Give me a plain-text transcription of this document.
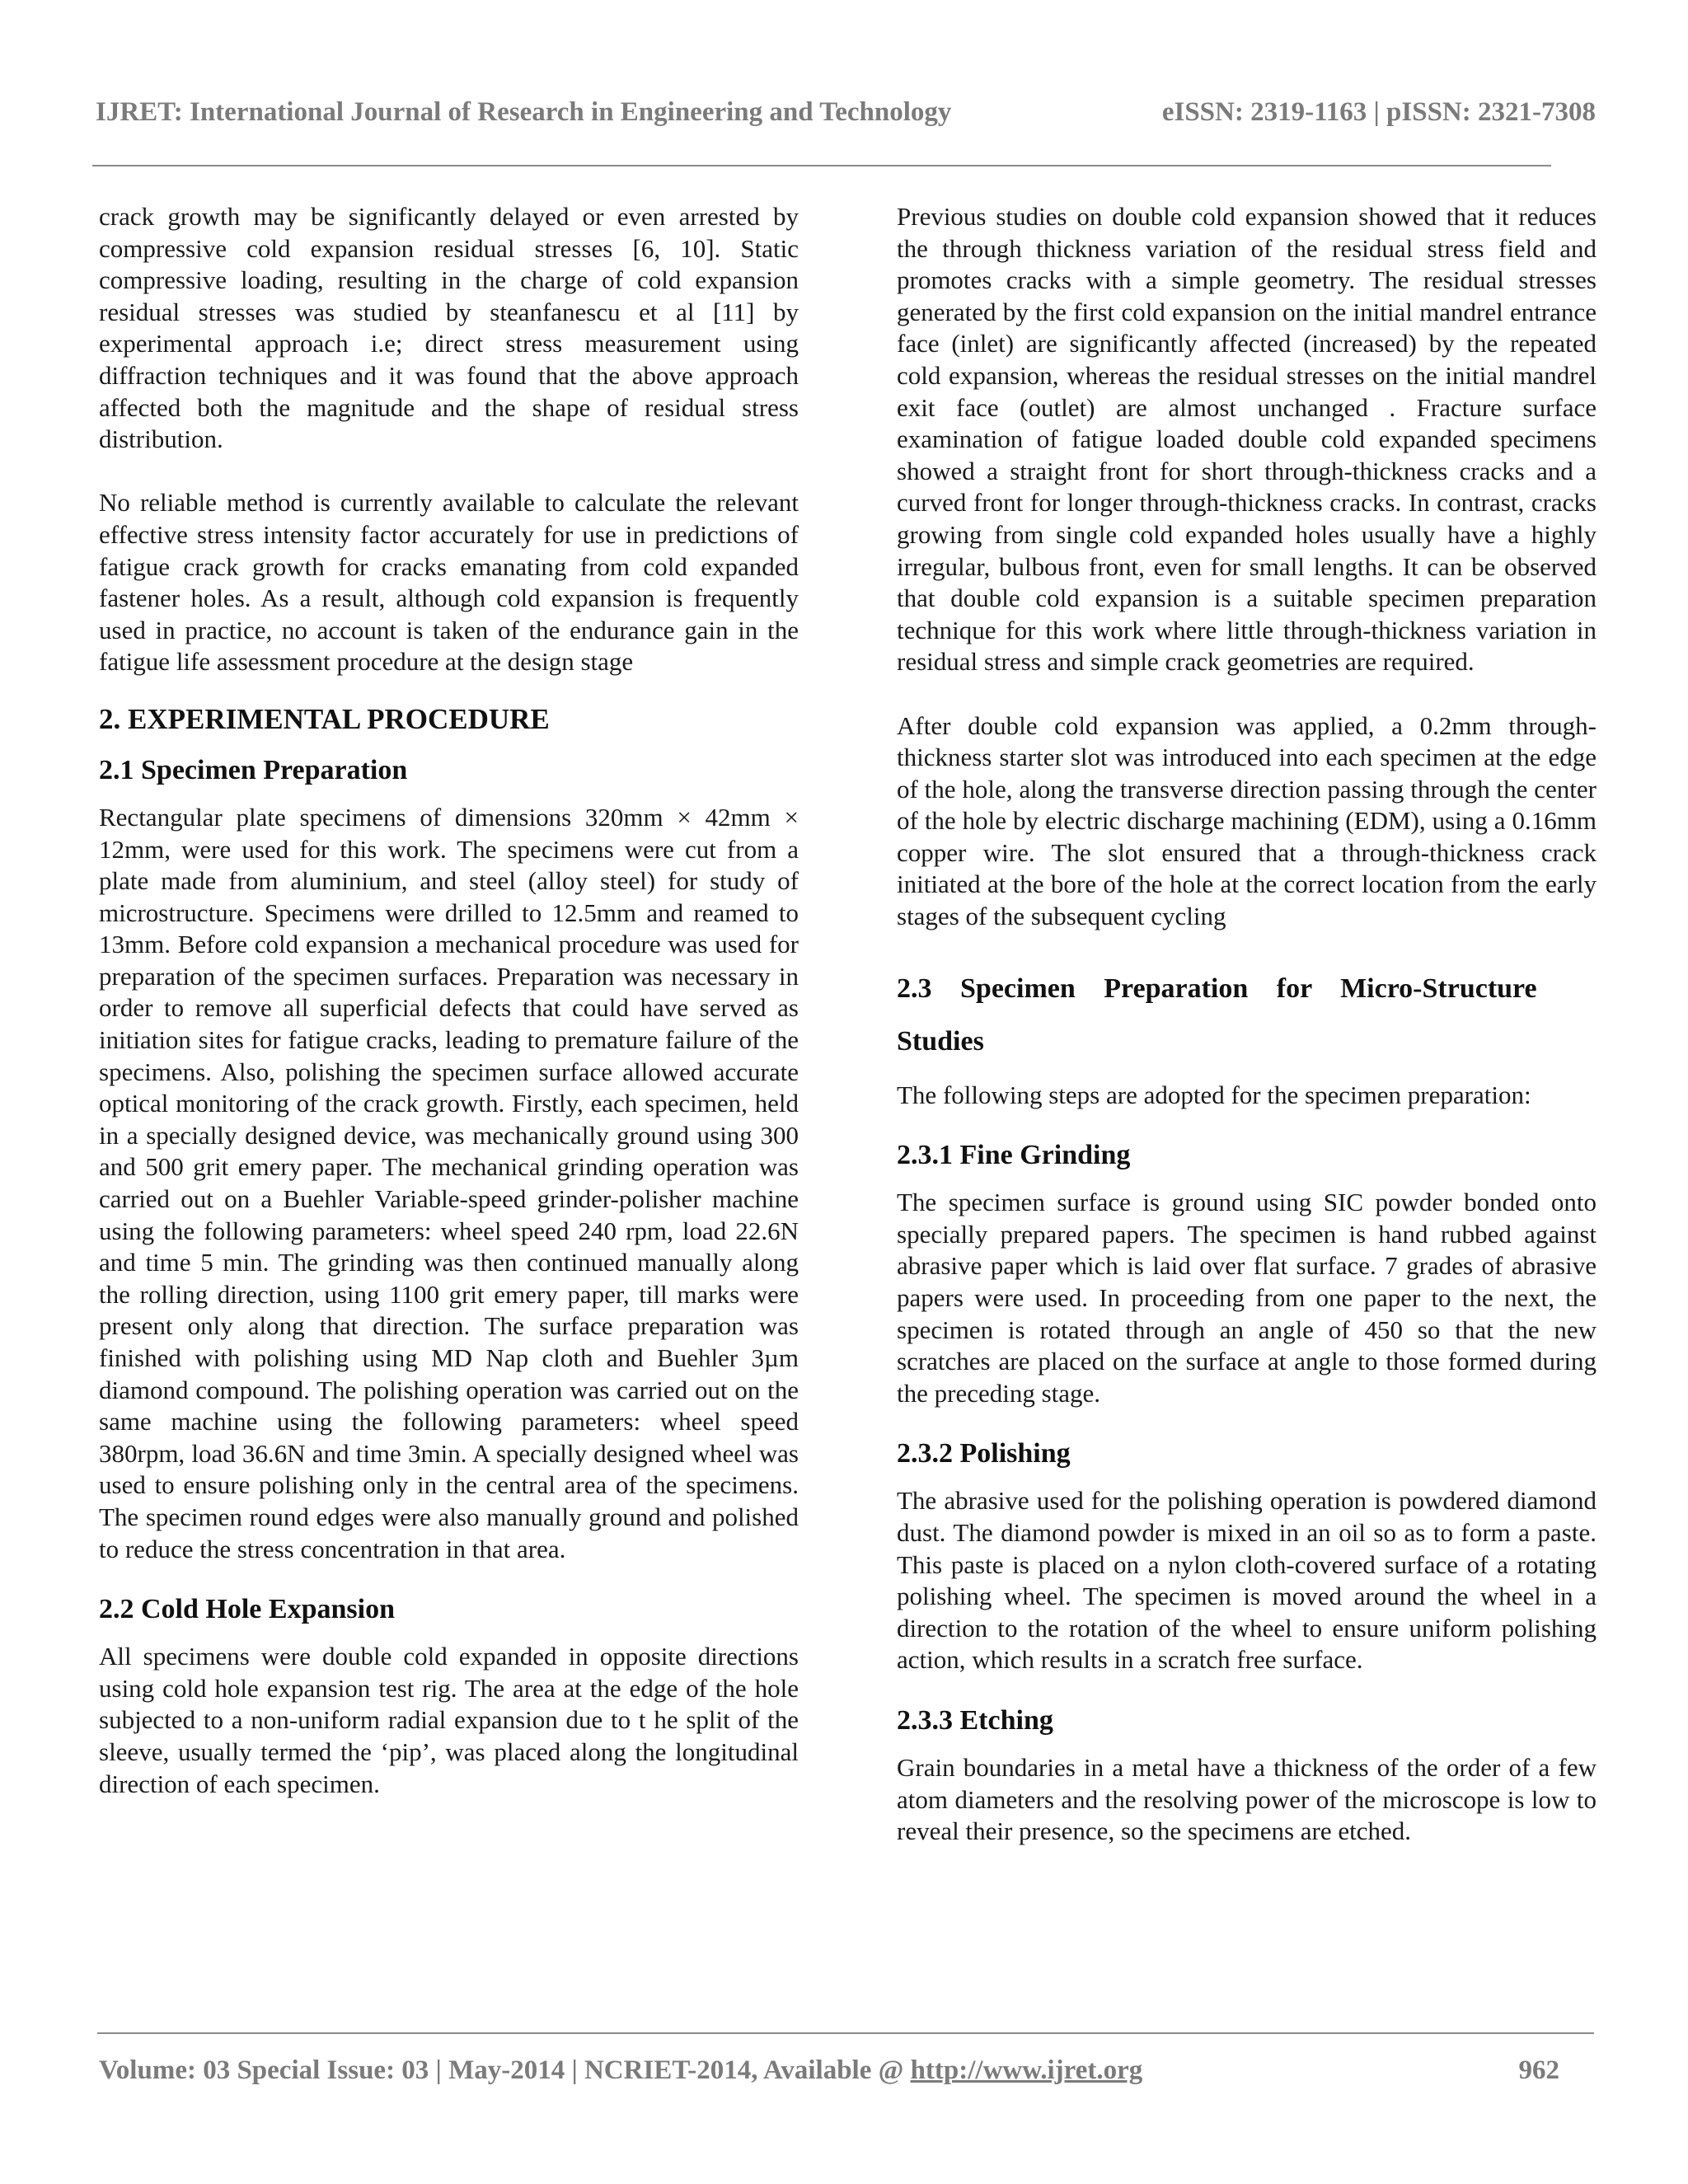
IJRET: International Journal of Research in Engineering and Technology	eISSN: 2319-1163 | pISSN: 2321-7308

crack growth may be significantly delayed or even arrested by compressive cold expansion residual stresses [6, 10]. Static compressive loading, resulting in the charge of cold expansion residual stresses was studied by steanfanescu et al [11] by experimental approach i.e; direct stress measurement using diffraction techniques and it was found that the above approach affected both the magnitude and the shape of residual stress distribution.

No reliable method is currently available to calculate the relevant effective stress intensity factor accurately for use in predictions of fatigue crack growth for cracks emanating from cold expanded fastener holes. As a result, although cold expansion is frequently used in practice, no account is taken of the endurance gain in the fatigue life assessment procedure at the design stage

2. EXPERIMENTAL PROCEDURE
2.1 Specimen Preparation

Rectangular plate specimens of dimensions 320mm × 42mm × 12mm, were used for this work. The specimens were cut from a plate made from aluminium, and steel (alloy steel) for study of microstructure. Specimens were drilled to 12.5mm and reamed to 13mm. Before cold expansion a mechanical procedure was used for preparation of the specimen surfaces. Preparation was necessary in order to remove all superficial defects that could have served as initiation sites for fatigue cracks, leading to premature failure of the specimens. Also, polishing the specimen surface allowed accurate optical monitoring of the crack growth. Firstly, each specimen, held in a specially designed device, was mechanically ground using 300 and 500 grit emery paper. The mechanical grinding operation was carried out on a Buehler Variable-speed grinder-polisher machine using the following parameters: wheel speed 240 rpm, load 22.6N and time 5 min. The grinding was then continued manually along the rolling direction, using 1100 grit emery paper, till marks were present only along that direction. The surface preparation was finished with polishing using MD Nap cloth and Buehler 3µm diamond compound. The polishing operation was carried out on the same machine using the following parameters: wheel speed 380rpm, load 36.6N and time 3min. A specially designed wheel was used to ensure polishing only in the central area of the specimens. The specimen round edges were also manually ground and polished to reduce the stress concentration in that area.

2.2 Cold Hole Expansion

All specimens were double cold expanded in opposite directions using cold hole expansion test rig. The area at the edge of the hole subjected to a non-uniform radial expansion due to t he split of the sleeve, usually termed the ‘pip’, was placed along the longitudinal direction of each specimen.

Previous studies on double cold expansion showed that it reduces the through thickness variation of the residual stress field and promotes cracks with a simple geometry. The residual stresses generated by the first cold expansion on the initial mandrel entrance face (inlet) are significantly affected (increased) by the repeated cold expansion, whereas the residual stresses on the initial mandrel exit face (outlet) are almost unchanged . Fracture surface examination of fatigue loaded double cold expanded specimens showed a straight front for short through-thickness cracks and a curved front for longer through-thickness cracks. In contrast, cracks growing from single cold expanded holes usually have a highly irregular, bulbous front, even for small lengths. It can be observed that double cold expansion is a suitable specimen preparation technique for this work where little through-thickness variation in residual stress and simple crack geometries are required.

After double cold expansion was applied, a 0.2mm through-thickness starter slot was introduced into each specimen at the edge of the hole, along the transverse direction passing through the center of the hole by electric discharge machining (EDM), using a 0.16mm copper wire. The slot ensured that a through-thickness crack initiated at the bore of the hole at the correct location from the early stages of the subsequent cycling

2.3 Specimen Preparation for Micro-Structure
Studies

The following steps are adopted for the specimen preparation:

2.3.1 Fine Grinding

The specimen surface is ground using SIC powder bonded onto specially prepared papers. The specimen is hand rubbed against abrasive paper which is laid over flat surface. 7 grades of abrasive papers were used. In proceeding from one paper to the next, the specimen is rotated through an angle of 450 so that the new scratches are placed on the surface at angle to those formed during the preceding stage.

2.3.2 Polishing

The abrasive used for the polishing operation is powdered diamond dust. The diamond powder is mixed in an oil so as to form a paste. This paste is placed on a nylon cloth-covered surface of a rotating polishing wheel. The specimen is moved around the wheel in a direction to the rotation of the wheel to ensure uniform polishing action, which results in a scratch free surface.

2.3.3 Etching

Grain boundaries in a metal have a thickness of the order of a few atom diameters and the resolving power of the microscope is low to reveal their presence, so the specimens are etched.

Volume: 03 Special Issue: 03 | May-2014 | NCRIET-2014, Available @ http://www.ijret.org	962
